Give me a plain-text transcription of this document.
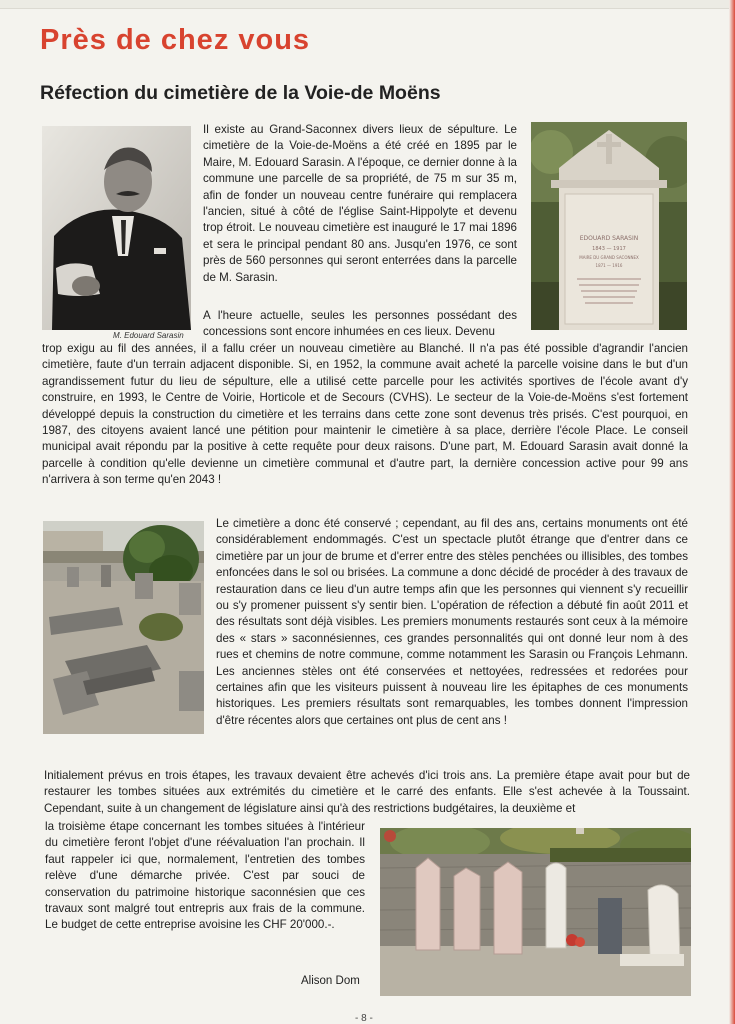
Près de chez vous
Réfection du cimetière de la Voie-de Moëns
M. Edouard Sarasin
EDOUARD SARASIN
1843 — 1917
MAIRE DU GRAND SACONNEX
1871 — 1916

Il existe au Grand-Saconnex divers lieux de sépulture. Le cimetière de la Voie-de-Moëns a été créé en 1895 par le Maire, M. Edouard Sarasin. A l'époque, ce dernier donne à la commune une parcelle de sa propriété, de 75 m sur 35 m, afin de fonder un nouveau centre funéraire qui remplacera l'ancien, situé à côté de l'église Saint-Hippolyte et devenu trop étroit. Le nouveau cimetière est inauguré le 17 mai 1896 et sera le principal pendant 80 ans. Jusqu'en 1976, ce sont près de 560 personnes qui seront enterrées dans la parcelle de M. Sarasin.

A l'heure actuelle, seules les personnes possédant des concessions sont encore inhumées en ces lieux. Devenu

trop exigu au fil des années, il a fallu créer un nouveau cimetière au Blanché. Il n'a pas été possible d'agrandir l'ancien cimetière, faute d'un terrain adjacent disponible. Si, en 1952, la commune avait acheté la parcelle voisine dans le but d'un agrandissement futur du lieu de sépulture, elle a utilisé cette parcelle pour les activités sportives de l'école avant d'y construire, en 1993, le Centre de Voirie, Horticole et de Secours (CVHS). Le secteur de la Voie-de-Moëns s'est fortement développé depuis la construction du cimetière et les terrains dans cette zone sont devenus très prisés. C'est pourquoi, en 1987, des citoyens avaient lancé une pétition pour maintenir le cimetière à sa place, derrière l'école Place. Le conseil municipal avait répondu par la positive à cette requête pour deux raisons. D'une part, M. Edouard Sarasin avait donné la parcelle à condition qu'elle devienne un cimetière communal et d'autre part, la dernière concession active pour 99 ans n'arrivera à son terme qu'en 2043 !

Le cimetière a donc été conservé ; cependant, au fil des ans, certains monuments ont été considérablement endommagés. C'est un spectacle plutôt étrange que d'entrer dans ce cimetière par un jour de brume et d'errer entre des stèles penchées ou illisibles, des tombes enfoncées dans le sol ou brisées. La commune a donc décidé de procéder à des travaux de restauration dans ce lieu d'un autre temps afin que les personnes qui viennent s'y recueillir ou s'y promener puissent s'y sentir bien. L'opération de réfection a débuté fin août 2011 et des résultats sont déjà visibles. Les premiers monuments restaurés sont ceux à la mémoire des « stars » saconnésiennes, ces grandes personnalités qui ont donné leur nom à des rues et chemins de notre commune, comme notamment les Sarasin ou François Lehmann. Les anciennes stèles ont été conservées et nettoyées, redressées et redorées pour certaines afin que les visiteurs puissent à nouveau lire les épitaphes de ces monuments historiques. Les premiers résultats sont remarquables, les tombes donnent l'impression d'être récentes alors que certaines ont plus de cent ans !

Initialement prévus en trois étapes, les travaux devaient être achevés d'ici trois ans. La première étape avait pour but de restaurer les tombes situées aux extrémités du cimetière et le carré des enfants. Elle s'est achevée à la Toussaint. Cependant, suite à un changement de législature ainsi qu'à des restrictions budgétaires, la deuxième et

la troisième étape concernant les tombes situées à l'intérieur du cimetière feront l'objet d'une réévaluation l'an prochain. Il faut rappeler ici que, normalement, l'entretien des tombes relève d'une démarche privée. C'est par souci de conservation du patrimoine historique saconnésien que ces travaux sont malgré tout entrepris aux frais de la commune. Le budget de cette entreprise avoisine les CHF 20'000.-.

Alison Dom
- 8 -
